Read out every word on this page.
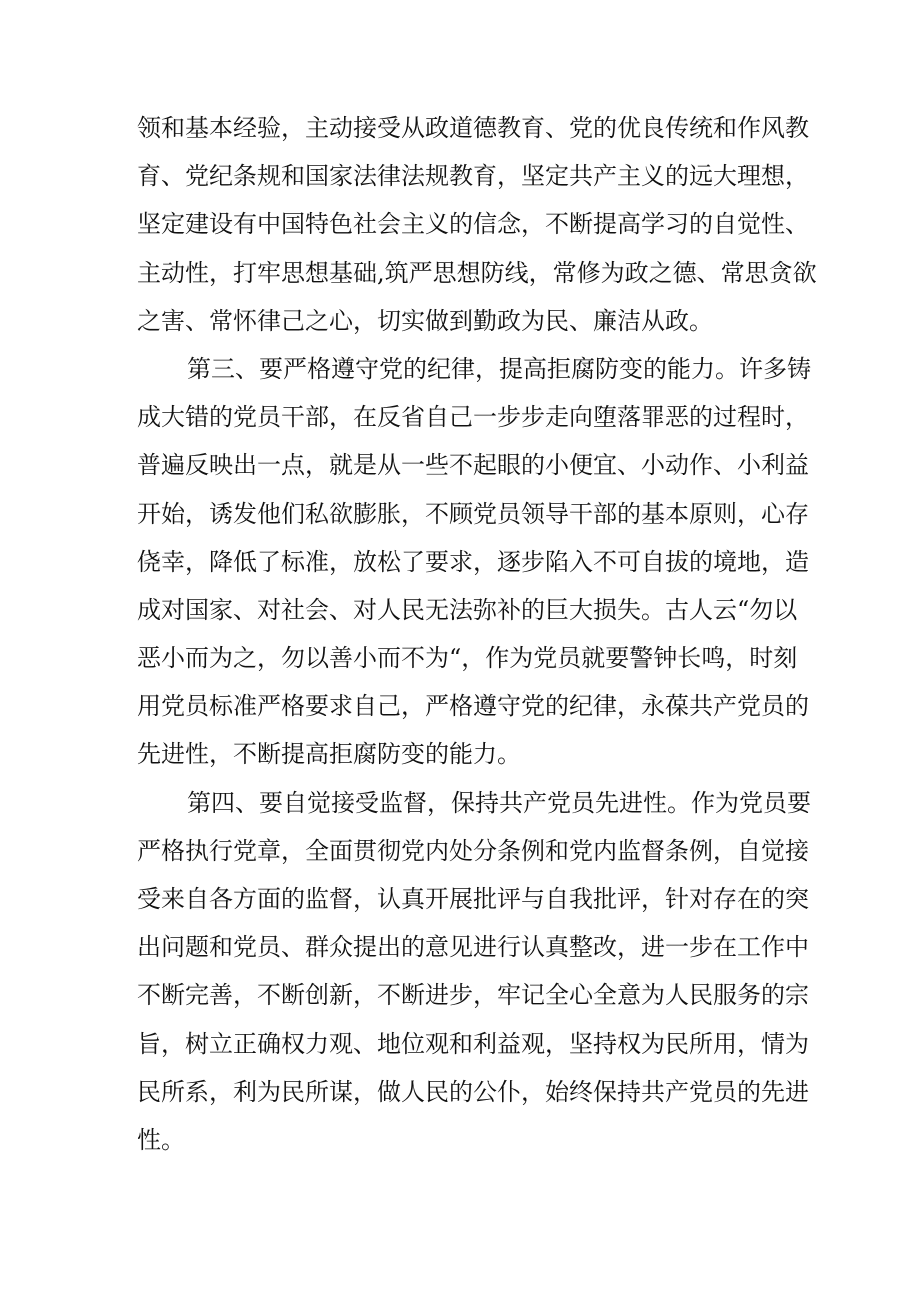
领和基本经验，主动接受从政道德教育、党的优良传统和作风教
育、党纪条规和国家法律法规教育，坚定共产主义的远大理想，
坚定建设有中国特色社会主义的信念，不断提高学习的自觉性、
主动性，打牢思想基础,筑严思想防线，常修为政之德、常思贪欲
之害、常怀律己之心，切实做到勤政为民、廉洁从政。
第三、要严格遵守党的纪律，提高拒腐防变的能力。许多铸
成大错的党员干部，在反省自己一步步走向堕落罪恶的过程时，
普遍反映出一点，就是从一些不起眼的小便宜、小动作、小利益
开始，诱发他们私欲膨胀，不顾党员领导干部的基本原则，心存
侥幸，降低了标准，放松了要求，逐步陷入不可自拔的境地，造
成对国家、对社会、对人民无法弥补的巨大损失。古人云“勿以
恶小而为之，勿以善小而不为“，作为党员就要警钟长鸣，时刻
用党员标准严格要求自己，严格遵守党的纪律，永葆共产党员的
先进性，不断提高拒腐防变的能力。
第四、要自觉接受监督，保持共产党员先进性。作为党员要
严格执行党章，全面贯彻党内处分条例和党内监督条例，自觉接
受来自各方面的监督，认真开展批评与自我批评，针对存在的突
出问题和党员、群众提出的意见进行认真整改，进一步在工作中
不断完善，不断创新，不断进步，牢记全心全意为人民服务的宗
旨，树立正确权力观、地位观和利益观，坚持权为民所用，情为
民所系，利为民所谋，做人民的公仆，始终保持共产党员的先进
性。
